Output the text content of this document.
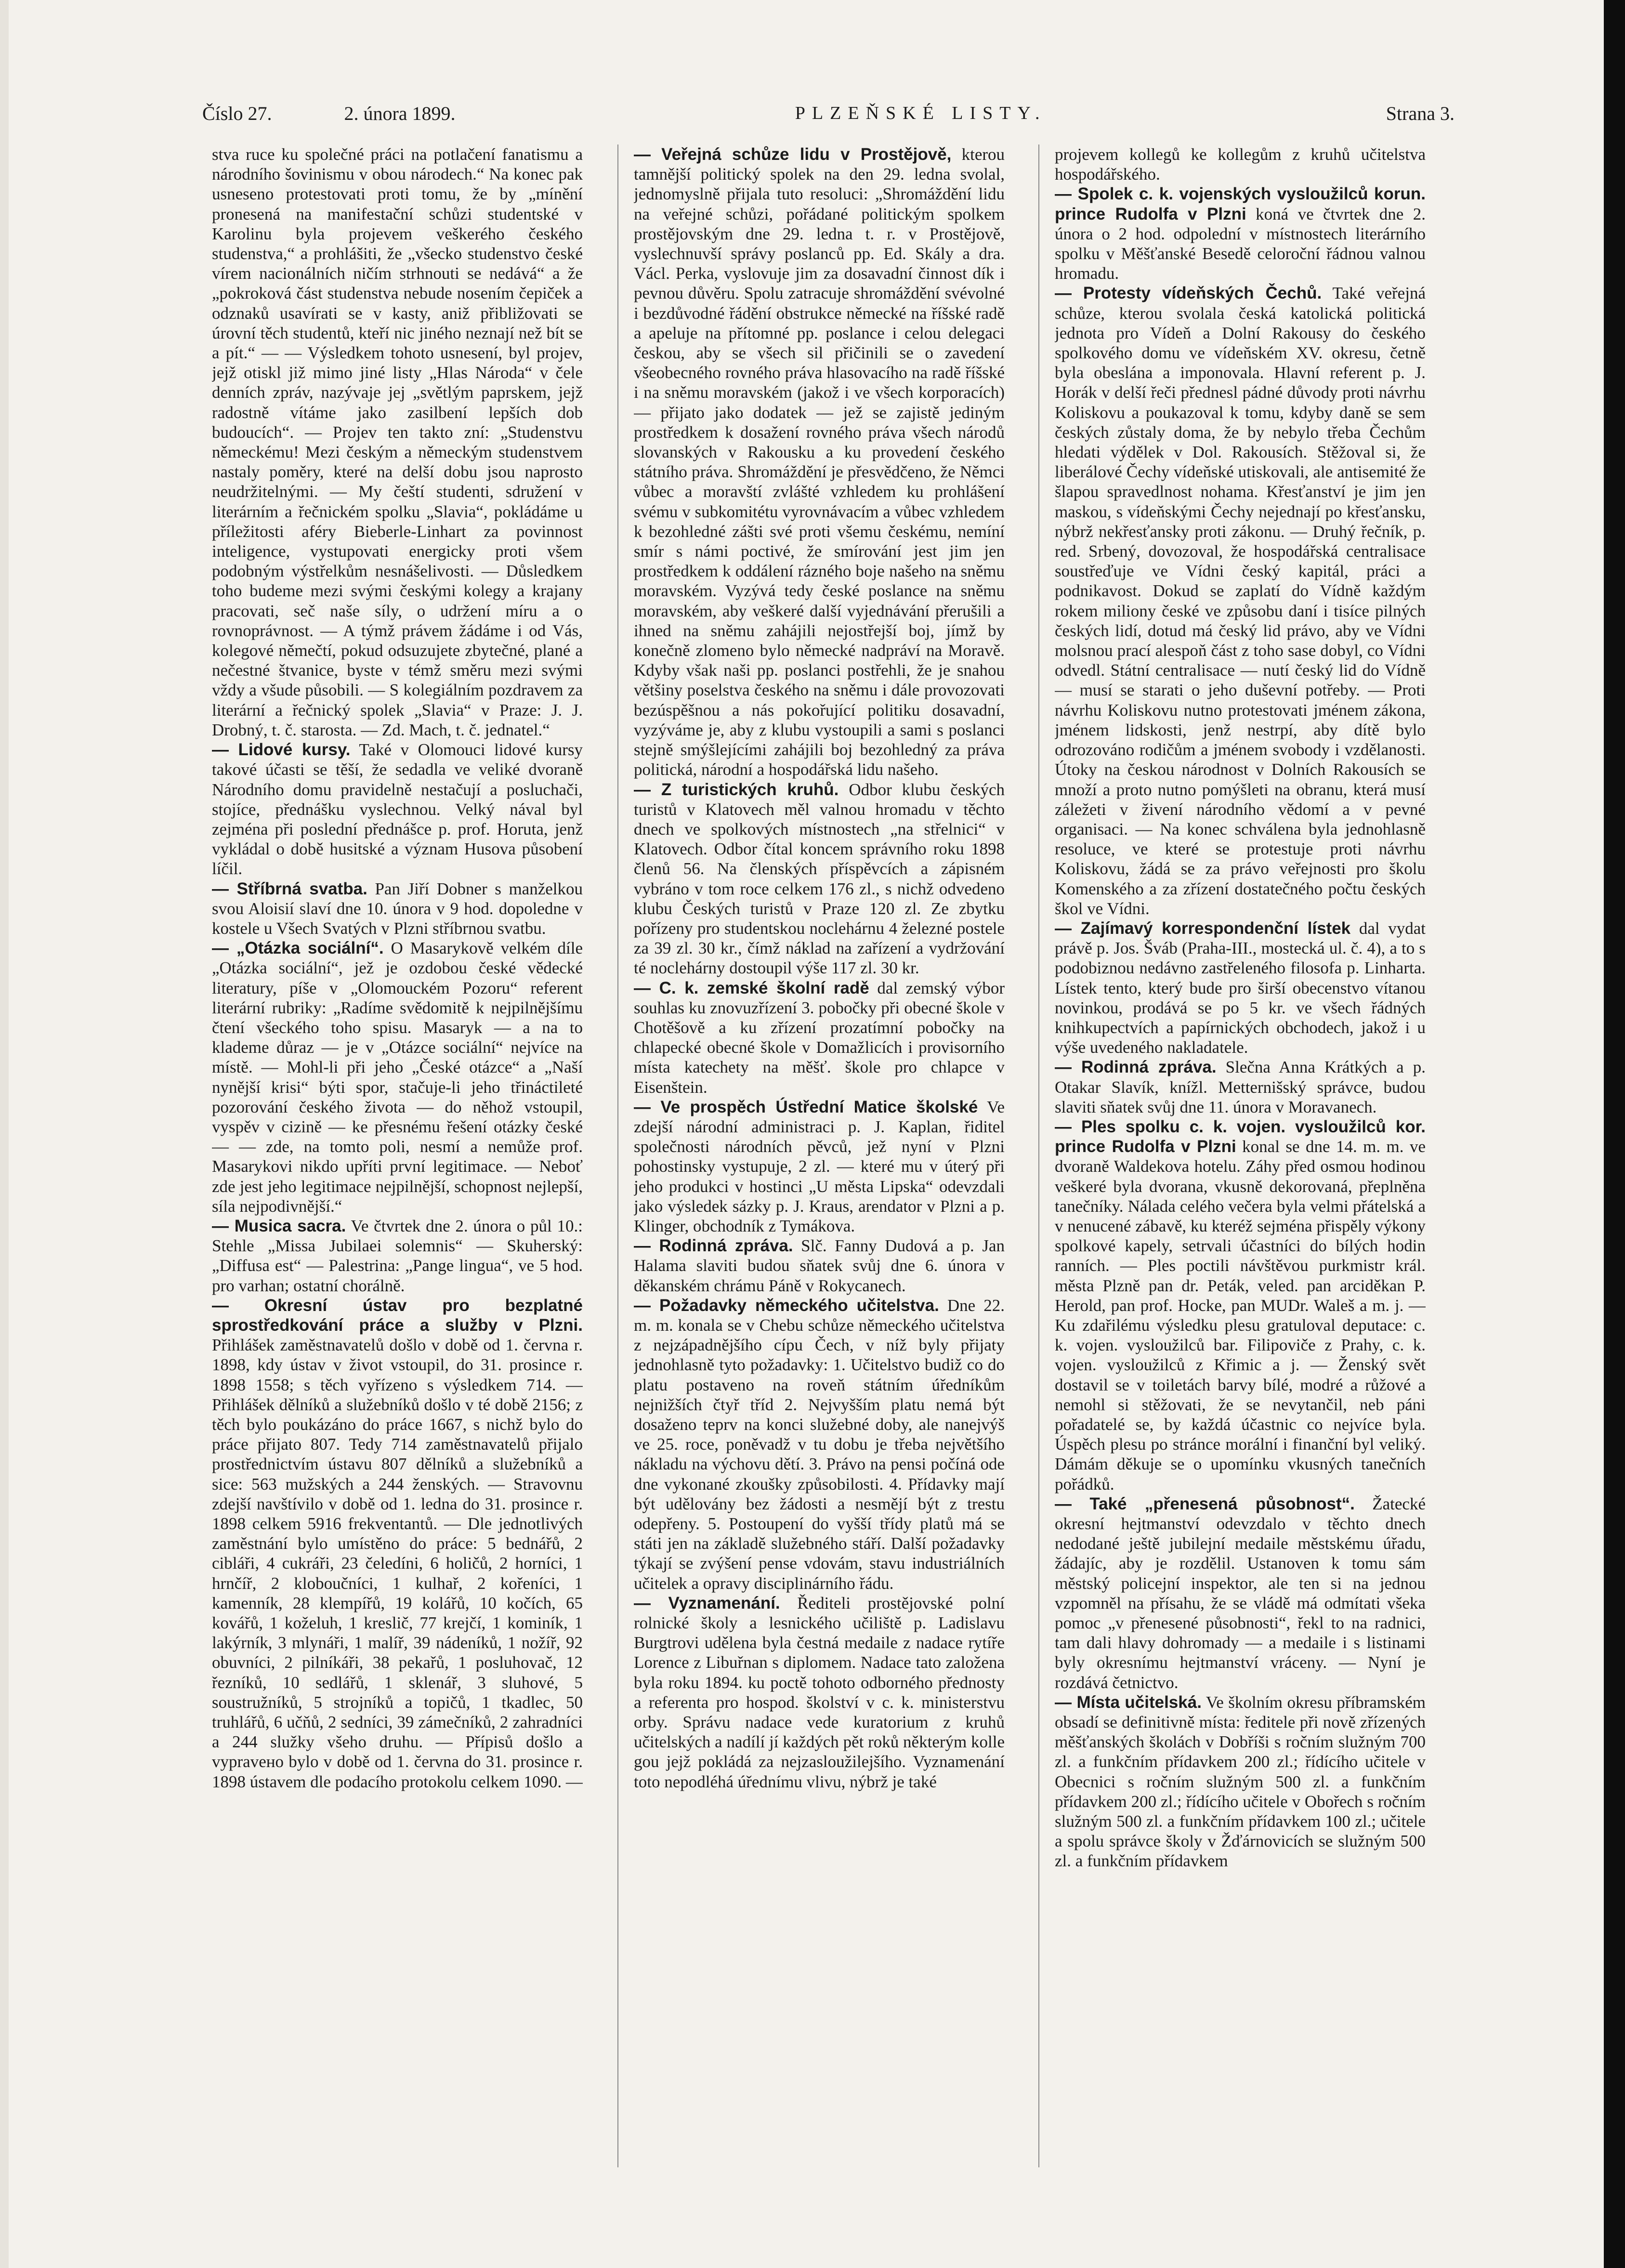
Číslo 27.	2. února 1899.	PLZEŇSKÉ LISTY.	Strana 3.

stva ruce ku společné práci na potlačení fanatismu a národního šovinismu v obou národech.“ Na konec pak usneseno protestovati proti tomu, že by „mínění pronesená na manifestační schůzi studentské v Karolinu byla projevem veškerého českého studenstva,“ a prohlášiti, že „všecko studenstvo české vírem nacionálních ničím strhnouti se nedává“ a že „pokroková část studenstva nebude nosením čepiček a odznaků usavírati se v kasty, aniž přibližovati se úrovní těch studentů, kteří nic jiného neznají než bít se a pít.“ — — Výsledkem tohoto usnesení, byl projev, jejž otiskl již mimo jiné listy „Hlas Národa“ v čele denních zpráv, nazývaje jej „světlým paprskem, jejž radostně vítáme jako zasilbení lepších dob budoucích“. — Projev ten takto zní: „Studenstvu německému! Mezi českým a německým studenstvem nastaly poměry, které na delší dobu jsou naprosto neudržitelnými. — My čeští studenti, sdružení v literárním a řečnickém spolku „Slavia“, pokládáme u příležitosti aféry Bieberle-Linhart za povinnost inteligence, vystupovati energicky proti všem podobným výstřelkům nesnášelivosti. — Důsledkem toho budeme mezi svými českými kolegy a krajany pracovati, seč naše síly, o udržení míru a o rovnoprávnost. — A týmž právem žádáme i od Vás, kolegové němečtí, pokud odsuzujete zbytečné, plané a nečestné štvanice, byste v témž směru mezi svými vždy a všude působili. — S kolegiálním pozdravem za literární a řečnický spolek „Slavia“ v Praze: J. J. Drobný, t. č. starosta. — Zd. Mach, t. č. jednatel.“

— Lidové kursy. Také v Olomouci lidové kursy takové účasti se těší, že sedadla ve veliké dvoraně Národního domu pravidelně nestačují a posluchači, stojíce, přednášku vyslechnou. Velký nával byl zejména při poslední přednášce p. prof. Horuta, jenž vykládal o době husitské a význam Husova působení líčil.

— Stříbrná svatba. Pan Jiří Dobner s manželkou svou Aloisií slaví dne 10. února v 9 hod. dopoledne v kostele u Všech Svatých v Plzni stříbrnou svatbu.

— „Otázka sociální“. O Masarykově velkém díle „Otázka sociální“, jež je ozdobou české vědecké literatury, píše v „Olomouckém Pozoru“ referent literární rubriky: „Radíme svědomitě k nejpilnějšímu čtení všeckého toho spisu. Masaryk — a na to klademe důraz — je v „Otázce sociální“ nejvíce na místě. — Mohl-li při jeho „České otázce“ a „Naší nynější krisi“ býti spor, stačuje-li jeho třináctileté pozorování českého života — do něhož vstoupil, vyspěv v cizině — ke přesnému řešení otázky české — — zde, na tomto poli, nesmí a nemůže prof. Masarykovi nikdo upříti první legitimace. — Neboť zde jest jeho legitimace nejpilnější, schopnost nejlepší, síla nejpodivnější.“

— Musica sacra. Ve čtvrtek dne 2. února o půl 10.: Stehle „Missa Jubilaei solemnis“ — Skuherský: „Diffusa est“ — Palestrina: „Pange lingua“, ve 5 hod. pro varhan; ostatní chorálně.

— Okresní ústav pro bezplatné sprostředkování práce a služby v Plzni. Přihlášek zaměstnavatelů došlo v době od 1. června r. 1898, kdy ústav v život vstoupil, do 31. prosince r. 1898 1558; s těch vyřízeno s výsledkem 714. — Přihlášek dělníků a služebníků došlo v té době 2156; z těch bylo poukázáno do práce 1667, s nichž bylo do práce přijato 807. Tedy 714 zaměstnavatelů přijalo prostřednictvím ústavu 807 dělníků a služebníků a sice: 563 mužských a 244 ženských. — Stravovnu zdejší navštívilo v době od 1. ledna do 31. prosince r. 1898 celkem 5916 frekventantů. — Dle jednotlivých zaměstnání bylo umístěno do práce: 5 bednářů, 2 cibláři, 4 cukráři, 23 čeledíni, 6 holičů, 2 horníci, 1 hrnčíř, 2 kloboučníci, 1 kulhař, 2 kořeníci, 1 kamenník, 28 klempířů, 19 kolářů, 10 kočích, 65 kovářů, 1 koželuh, 1 kreslič, 77 krejčí, 1 kominík, 1 lakýrník, 3 mlynáři, 1 malíř, 39 nádeníků, 1 nožíř, 92 obuvníci, 2 pilníkáři, 38 pekařů, 1 posluhovač, 12 řezníků, 10 sedlářů, 1 sklenář, 3 sluhové, 5 soustružníků, 5 strojníků a topičů, 1 tkadlec, 50 truhlářů, 6 učňů, 2 sedníci, 39 zámečníků, 2 zahradníci a 244 služky všeho druhu. — Přípisů došlo a vypravено bylo v době od 1. června do 31. prosince r. 1898 ústavem dle podacího protokolu celkem 1090. —

— Veřejná schůze lidu v Prostějově, kterou tamnější politický spolek na den 29. ledna svolal, jednomyslně přijala tuto resoluci: „Shromáždění lidu na veřejné schůzi, pořádané politickým spolkem prostějovským dne 29. ledna t. r. v Prostějově, vyslechnuvší správy poslanců pp. Ed. Skály a dra. Václ. Perka, vyslovuje jim za dosavadní činnost dík i pevnou důvěru. Spolu zatracuje shromáždění svévolné i bezdůvodné řádění obstrukce německé na říšské radě a apeluje na přítomné pp. poslance i celou delegaci českou, aby se všech sil přičinili se o zavedení všeobecného rovného práva hlasovacího na radě říšské i na sněmu moravském (jakož i ve všech korporacích) — přijato jako dodatek — jež se zajistě jediným prostředkem k dosažení rovného práva všech národů slovanských v Rakousku a ku provedení českého státního práva. Shromáždění je přesvědčeno, že Němci vůbec a moravští zvlášté vzhledem ku prohlášení svému v subkomitétu vyrovnávacím a vůbec vzhledem k bezohledné zášti své proti všemu českému, nemíní smír s námi poctivé, že smírování jest jim jen prostředkem k oddálení rázného boje našeho na sněmu moravském. Vyzývá tedy české poslance na sněmu moravském, aby veškeré další vyjednávání přerušili a ihned na sněmu zahájili nejostřejší boj, jímž by konečně zlomeno bylo německé nadpráví na Moravě. Kdyby však naši pp. poslanci postřehli, že je snahou většiny poselstva českého na sněmu i dále provozovati bezúspěšnou a nás pokořující politiku dosavadní, vyzýváme je, aby z klubu vystoupili a sami s poslanci stejně smýšlejícími zahájili boj bezohledný za práva politická, národní a hospodářská lidu našeho.

— Z turistických kruhů. Odbor klubu českých turistů v Klatovech měl valnou hromadu v těchto dnech ve spolkových místnostech „na střelnici“ v Klatovech. Odbor čítal koncem správního roku 1898 členů 56. Na členských příspěvcích a zápisném vybráno v tom roce celkem 176 zl., s nichž odvedeno klubu Českých turistů v Praze 120 zl. Ze zbytku pořízeny pro studentskou noclehárnu 4 železné postele za 39 zl. 30 kr., čímž náklad na zařízení a vydržování té noclehárny dostoupil výše 117 zl. 30 kr.

— C. k. zemské školní radě dal zemský výbor souhlas ku znovuzřízení 3. pobočky při obecné škole v Chotěšově a ku zřízení prozatímní pobočky na chlapecké obecné škole v Domažlicích i provisorního místa katechety na měšť. škole pro chlapce v Eisenštein.

— Ve prospěch Ústřední Matice školské Ve zdejší národní administraci p. J. Kaplan, řiditel společnosti národních pěvců, jež nyní v Plzni pohostinsky vystupuje, 2 zl. — které mu v úterý při jeho produkci v hostinci „U města Lipska“ odevzdali jako výsledek sázky p. J. Kraus, arendator v Plzni a p. Klinger, obchodník z Tymákova.

— Rodinná zpráva. Slč. Fanny Dudová a p. Jan Halama slaviti budou sňatek svůj dne 6. února v děkanském chrámu Páně v Rokycanech.

— Požadavky německého učitelstva. Dne 22. m. m. konala se v Chebu schůze německého učitelstva z nejzápadnějšího cípu Čech, v níž byly přijaty jednohlasně tyto požadavky: 1. Učitelstvo budiž co do platu postaveno na roveň státním úředníkům nejnižších čtyř tříd 2. Nejvyšším platu nemá být dosaženo teprv na konci služebné doby, ale nanejvýš ve 25. roce, poněvadž v tu dobu je třeba největšího nákladu na výchovu dětí. 3. Právo na pensi počíná ode dne vykonané zkoušky způsobilosti. 4. Přídavky mají být udělovány bez žádosti a nesmějí být z trestu odepřeny. 5. Postoupení do vyšší třídy platů má se státi jen na základě služebného stáří. Další požadavky týkají se zvýšení pense vdovám, stavu industriálních učitelek a opravy disciplinárního řádu.

— Vyznamenání. Řediteli prostějovské polní rolnické školy a lesnického učiliště p. Ladislavu Burgtrovi udělena byla čestná medaile z nadace rytíře Lorence z Libuřnan s diplomem. Nadace tato založena byla roku 1894. ku poctě tohoto odborného přednosty a referenta pro hospod. školství v c. k. ministerstvu orby. Správu nadace vede kuratorium z kruhů učitelských a nadílí jí každých pět roků některým kolle gou jejž pokládá za nejzasloužilejšího. Vyznamenání toto nepodléhá úřednímu vlivu, nýbrž je také

projevem kollegů ke kollegům z kruhů učitelstva hospodářského.

— Spolek c. k. vojenských vysloužilců korun. prince Rudolfa v Plzni koná ve čtvrtek dne 2. února o 2 hod. odpolední v místnostech literárního spolku v Měšťanské Besedě celoroční řádnou valnou hromadu.

— Protesty vídeňských Čechů. Také veřejná schůze, kterou svolala česká katolická politická jednota pro Vídeň a Dolní Rakousy do českého spolkového domu ve vídeňském XV. okresu, četně byla obeslána a imponovala. Hlavní referent p. J. Horák v delší řeči přednesl pádné důvody proti návrhu Koliskovu a poukazoval k tomu, kdyby daně se sem českých zůstaly doma, že by nebylo třeba Čechům hledati výdělek v Dol. Rakousích. Stěžoval si, že liberálové Čechy vídeňské utiskovali, ale antisemité že šlapou spravedlnost nohama. Křesťanství je jim jen maskou, s vídeňskými Čechy nejednají po křesťansku, nýbrž nekřesťansky proti zákonu. — Druhý řečník, p. red. Srbený, dovozoval, že hospodářská centralisace soustřeďuje ve Vídni český kapitál, práci a podnikavost. Dokud se zaplatí do Vídně každým rokem miliony české ve způsobu daní i tisíce pilných českých lidí, dotud má český lid právo, aby ve Vídni molsnou prací alespoň část z toho sase dobyl, co Vídni odvedl. Státní centralisace — nutí český lid do Vídně — musí se starati o jeho duševní potřeby. — Proti návrhu Koliskovu nutno protestovati jménem zákona, jménem lidskosti, jenž nestrpí, aby dítě bylo odrozováno rodičům a jménem svobody i vzdělanosti. Útoky na českou národnost v Dolních Rakousích se množí a proto nutno pomýšleti na obranu, která musí záležeti v živení národního vědomí a v pevné organisaci. — Na konec schválena byla jednohlasně resoluce, ve které se protestuje proti návrhu Koliskovu, žádá se za právo veřejnosti pro školu Komenského a za zřízení dostatečného počtu českých škol ve Vídni.

— Zajímavý korrespondenční lístek dal vydat právě p. Jos. Šváb (Praha-III., mostecká ul. č. 4), a to s podobiznou nedávno zastřeleného filosofa p. Linharta. Lístek tento, který bude pro širší obecenstvo vítanou novinkou, prodává se po 5 kr. ve všech řádných knihkupectvích a papírnických obchodech, jakož i u výše uvedeného nakladatele.

— Rodinná zpráva. Slečna Anna Krátkých a p. Otakar Slavík, knížl. Metternišský správce, budou slaviti sňatek svůj dne 11. února v Moravanech.

— Ples spolku c. k. vojen. vysloužilců kor. prince Rudolfa v Plzni konal se dne 14. m. m. ve dvoraně Waldekova hotelu. Záhy před osmou hodinou veškeré byla dvorana, vkusně dekorovaná, přeplněna tanečníky. Nálada celého večera byla velmi přátelská a v nenucené zábavě, ku kteréž sejména přispěly výkony spolkové kapely, setrvali účastníci do bílých hodin ranních. — Ples poctili návštěvou purkmistr král. města Plzně pan dr. Peták, veled. pan arciděkan P. Herold, pan prof. Hocke, pan MUDr. Waleš a m. j. — Ku zdařilému výsledku plesu gratuloval deputace: c. k. vojen. vysloužilců bar. Filipoviče z Prahy, c. k. vojen. vysloužilců z Křimic a j. — Ženský svět dostavil se v toiletách barvy bílé, modré a růžové a nemohl si stěžovati, že se nevytančil, neb páni pořadatelé se, by každá účastnic co nejvíce byla. Úspěch plesu po stránce morální i finanční byl veliký. Dámám děkuje se o upomínku vkusných tanečních pořádků.

— Také „přenesená působnost“. Žatecké okresní hejtmanství odevzdalo v těchto dnech nedodané ještě jubilejní medaile městskému úřadu, žádajíc, aby je rozdělil. Ustanoven k tomu sám městský policejní inspektor, ale ten si na jednou vzpomněl na přísahu, že se vládě má odmítati všeka pomoc „v přenesené působnosti“, řekl to na radnici, tam dali hlavy dohromady — a medaile i s listinami byly okresnímu hejtmanství vráceny. — Nyní je rozdává četnictvo.

— Místa učitelská. Ve školním okresu příbramském obsadí se definitivně místa: ředitele při nově zřízených měšťanských školách v Dobříši s ročním služným 700 zl. a funkčním přídavkem 200 zl.; řídícího učitele v Obecnici s ročním služným 500 zl. a funkčním přídavkem 200 zl.; řídícího učitele v Obořech s ročním služným 500 zl. a funkčním přídavkem 100 zl.; učitele a spolu správce školy v Žďárnovicích se služným 500 zl. a funkčním přídavkem
